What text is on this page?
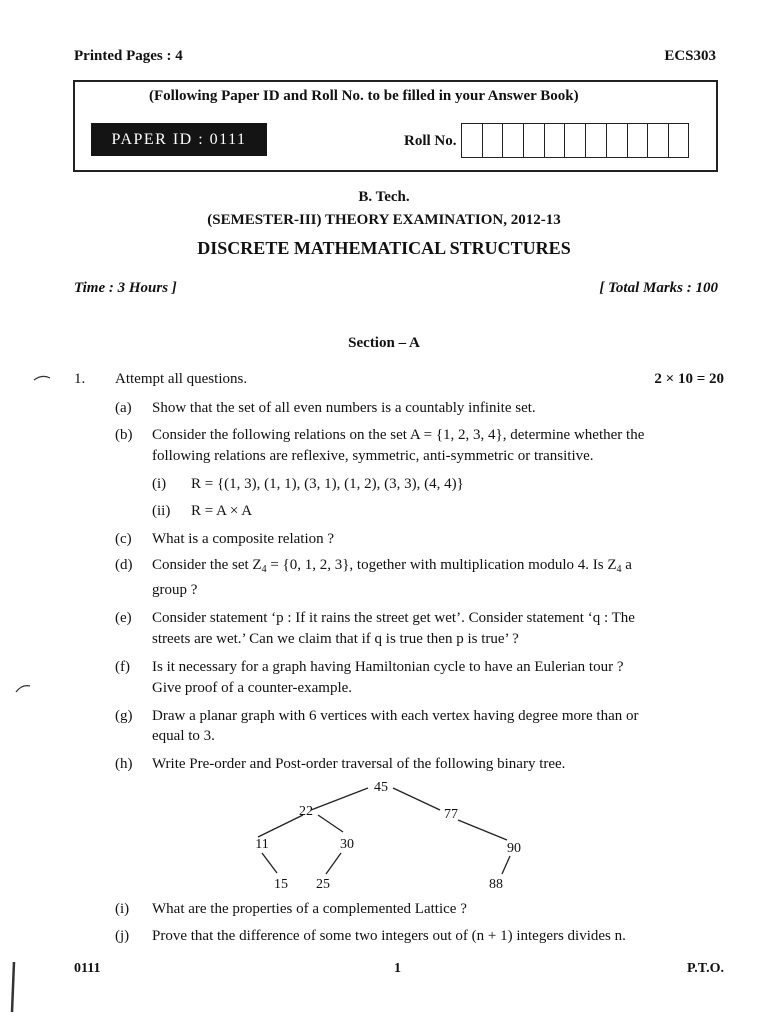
Printed Pages : 4	ECS303
(Following Paper ID and Roll No. to be filled in your Answer Book)
PAPER ID : 0111	Roll No.
B. Tech.
(SEMESTER-III) THEORY EXAMINATION, 2012-13
DISCRETE MATHEMATICAL STRUCTURES
Time : 3 Hours ]	[ Total Marks : 100
Section – A
1. Attempt all questions.	2 × 10 = 20
(a) Show that the set of all even numbers is a countably infinite set.
(b) Consider the following relations on the set A = {1, 2, 3, 4}, determine whether the
following relations are reflexive, symmetric, anti-symmetric or transitive.
(i) R = {(1, 3), (1, 1), (3, 1), (1, 2), (3, 3), (4, 4)}
(ii) R = A × A
(c) What is a composite relation ?
(d) Consider the set $Z_4 = \{0$, 1, 2, 3}, together with multiplication modulo 4. Is $Z_4$ a
group ?
(e) Consider statement ‘p : If it rains the street get wet’. Consider statement ‘q : The
streets are wet.’ Can we claim that if q is true then p is true’ ?
(f) Is it necessary for a graph having Hamiltonian cycle to have an Eulerian tour ?
Give proof of a counter-example.
(g) Draw a planar graph with 6 vertices with each vertex having degree more than or
equal to 3.
(h) Write Pre-order and Post-order traversal of the following binary tree.
45
22	77
11	30	90
15 25	88
(i) What are the properties of a complemented Lattice ?
(j) Prove that the difference of some two integers out of (n + 1) integers divides n.
0111	1	P.T.O.
